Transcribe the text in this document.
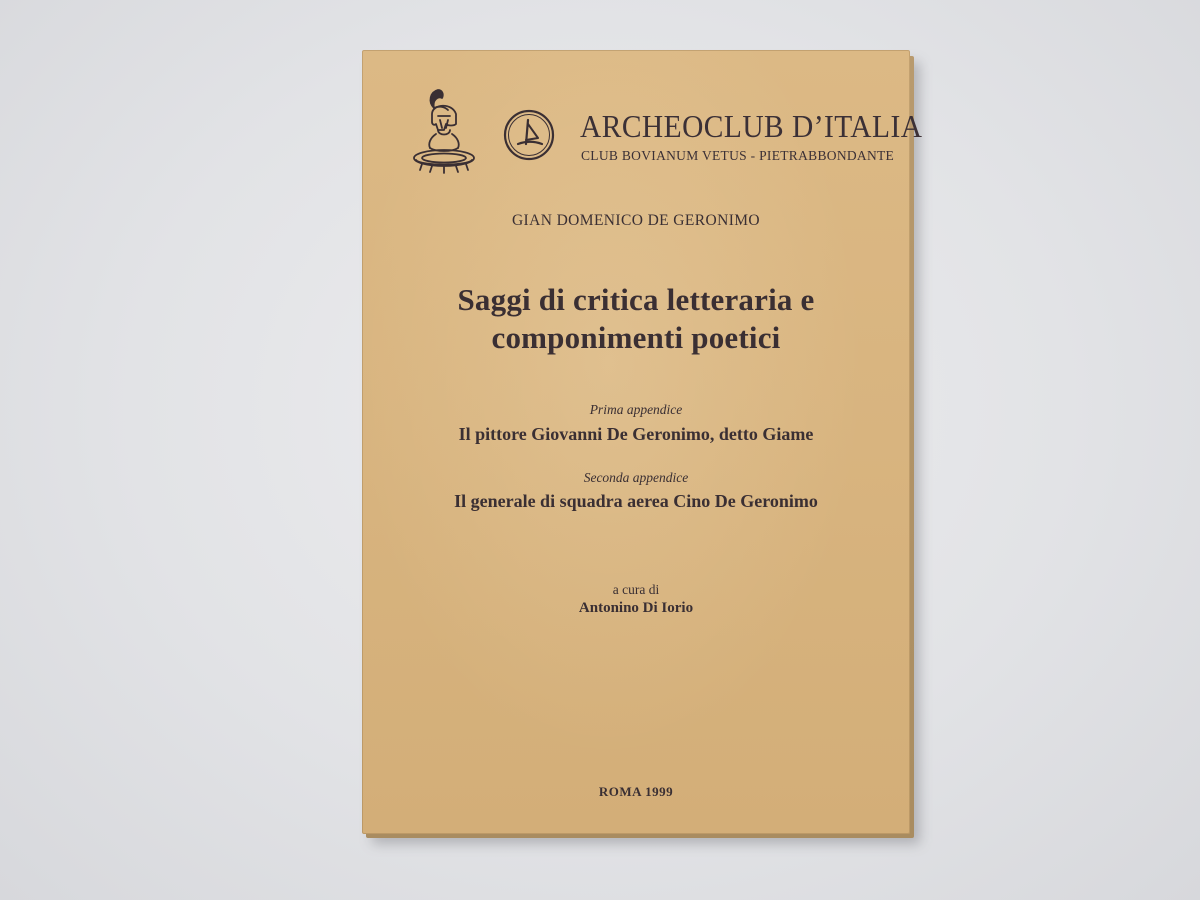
ARCHEOCLUB D’ITALIA
CLUB BOVIANUM VETUS - PIETRABBONDANTE
GIAN DOMENICO DE GERONIMO
Saggi di critica letteraria e
componimenti poetici
Prima appendice
Il pittore Giovanni De Geronimo, detto Giame
Seconda appendice
Il generale di squadra aerea Cino De Geronimo
a cura di
Antonino Di Iorio
ROMA 1999
